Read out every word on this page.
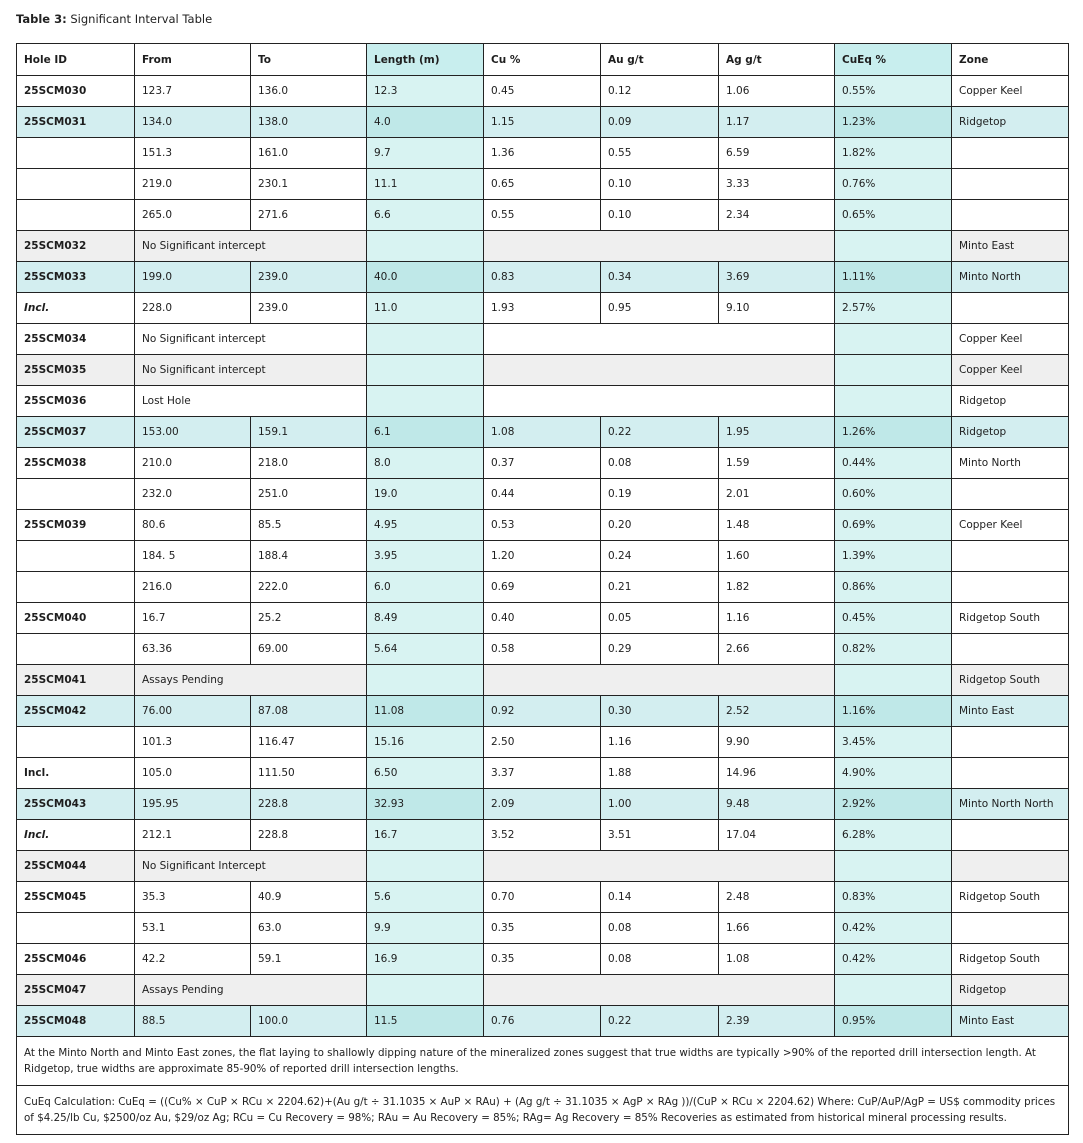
Table 3: Significant Interval Table
Hole ID	From	To	Length (m)	Cu %	Au g/t	Ag g/t	CuEq %	Zone
25SCM030	123.7	136.0	12.3	0.45	0.12	1.06	0.55%	Copper Keel
25SCM031	134.0	138.0	4.0	1.15	0.09	1.17	1.23%	Ridgetop
	151.3	161.0	9.7	1.36	0.55	6.59	1.82%	
	219.0	230.1	11.1	0.65	0.10	3.33	0.76%	
	265.0	271.6	6.6	0.55	0.10	2.34	0.65%	
25SCM032	No Significant intercept							Minto East
25SCM033	199.0	239.0	40.0	0.83	0.34	3.69	1.11%	Minto North
Incl.	228.0	239.0	11.0	1.93	0.95	9.10	2.57%	
25SCM034	No Significant intercept							Copper Keel
25SCM035	No Significant intercept							Copper Keel
25SCM036	Lost Hole							Ridgetop
25SCM037	153.00	159.1	6.1	1.08	0.22	1.95	1.26%	Ridgetop
25SCM038	210.0	218.0	8.0	0.37	0.08	1.59	0.44%	Minto North
	232.0	251.0	19.0	0.44	0.19	2.01	0.60%	
25SCM039	80.6	85.5	4.95	0.53	0.20	1.48	0.69%	Copper Keel
	184. 5	188.4	3.95	1.20	0.24	1.60	1.39%	
	216.0	222.0	6.0	0.69	0.21	1.82	0.86%	
25SCM040	16.7	25.2	8.49	0.40	0.05	1.16	0.45%	Ridgetop South
	63.36	69.00	5.64	0.58	0.29	2.66	0.82%	
25SCM041	Assays Pending							Ridgetop South
25SCM042	76.00	87.08	11.08	0.92	0.30	2.52	1.16%	Minto East
	101.3	116.47	15.16	2.50	1.16	9.90	3.45%	
Incl.	105.0	111.50	6.50	3.37	1.88	14.96	4.90%	
25SCM043	195.95	228.8	32.93	2.09	1.00	9.48	2.92%	Minto North North
Incl.	212.1	228.8	16.7	3.52	3.51	17.04	6.28%	
25SCM044	No Significant Intercept							
25SCM045	35.3	40.9	5.6	0.70	0.14	2.48	0.83%	Ridgetop South
	53.1	63.0	9.9	0.35	0.08	1.66	0.42%	
25SCM046	42.2	59.1	16.9	0.35	0.08	1.08	0.42%	Ridgetop South
25SCM047	Assays Pending							Ridgetop
25SCM048	88.5	100.0	11.5	0.76	0.22	2.39	0.95%	Minto East
At the Minto North and Minto East zones, the flat laying to shallowly dipping nature of the mineralized zones suggest that true widths are typically >90% of the reported drill intersection length. At Ridgetop, true widths are approximate 85-90% of reported drill intersection lengths.								
CuEq Calculation: CuEq = ((Cu% × CuP × RCu × 2204.62)+(Au g/t ÷ 31.1035 × AuP × RAu) + (Ag g/t ÷ 31.1035 × AgP × RAg ))/(CuP × RCu × 2204.62) Where: CuP/AuP/AgP = US$ commodity prices of $4.25/lb Cu, $2500/oz Au, $29/oz Ag; RCu = Cu Recovery = 98%; RAu = Au Recovery = 85%; RAg= Ag Recovery = 85% Recoveries as estimated from historical mineral processing results.								
